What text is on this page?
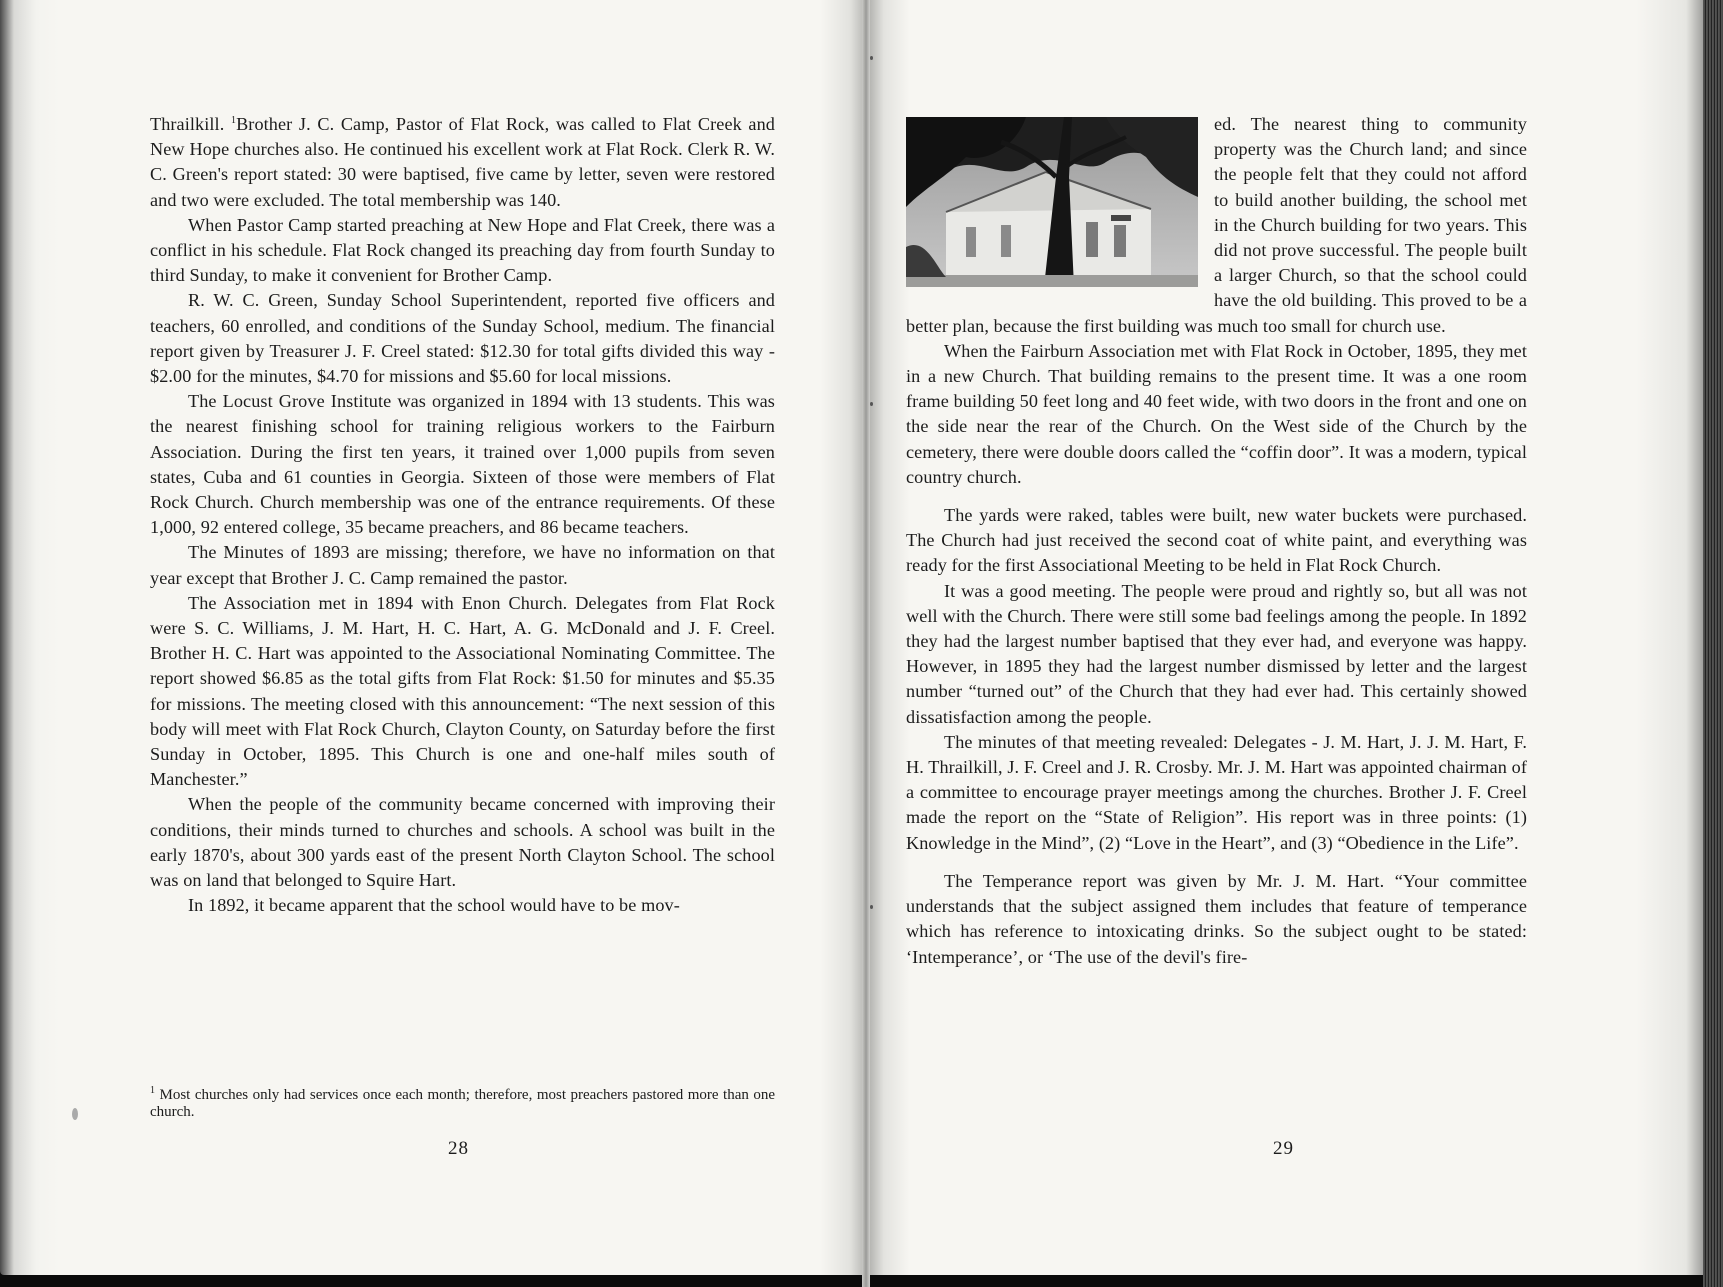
Thrailkill. $^1$Brother J. C. Camp, Pastor of Flat Rock, was called to Flat Creek and New Hope churches also. He continued his excellent work at Flat Rock. Clerk R. W. C. Green's report stated: 30 were baptised, five came by letter, seven were restored and two were excluded. The total membership was 140.

When Pastor Camp started preaching at New Hope and Flat Creek, there was a conflict in his schedule. Flat Rock changed its preaching day from fourth Sunday to third Sunday, to make it convenient for Brother Camp.

R. W. C. Green, Sunday School Superintendent, reported five officers and teachers, 60 enrolled, and conditions of the Sunday School, medium. The financial report given by Treasurer J. F. Creel stated: $12.30 for total gifts divided this way - $2.00 for the minutes, $4.70 for missions and $5.60 for local missions.

The Locust Grove Institute was organized in 1894 with 13 students. This was the nearest finishing school for training religious workers to the Fairburn Association. During the first ten years, it trained over 1,000 pupils from seven states, Cuba and 61 counties in Georgia. Sixteen of those were members of Flat Rock Church. Church membership was one of the entrance requirements. Of these 1,000, 92 entered college, 35 became preachers, and 86 became teachers.

The Minutes of 1893 are missing; therefore, we have no information on that year except that Brother J. C. Camp remained the pastor.

The Association met in 1894 with Enon Church. Delegates from Flat Rock were S. C. Williams, J. M. Hart, H. C. Hart, A. G. McDonald and J. F. Creel. Brother H. C. Hart was appointed to the Associational Nominating Committee. The report showed $6.85 as the total gifts from Flat Rock: $1.50 for minutes and $5.35 for missions. The meeting closed with this announcement: “The next session of this body will meet with Flat Rock Church, Clayton County, on Saturday before the first Sunday in October, 1895. This Church is one and one-half miles south of Manchester.”

When the people of the community became concerned with improving their conditions, their minds turned to churches and schools. A school was built in the early 1870's, about 300 yards east of the present North Clayton School. The school was on land that belonged to Squire Hart.

In 1892, it became apparent that the school would have to be mov-

$^1$ Most churches only had services once each month; therefore, most preachers pastored more than one church.
28

ed. The nearest thing to community property was the Church land; and since the people felt that they could not afford to build another building, the school met in the Church building for two years. This did not prove successful. The people built a larger Church, so that the school could have the old building. This proved to be a better plan, because the first building was much too small for church use.

When the Fairburn Association met with Flat Rock in October, 1895, they met in a new Church. That building remains to the present time. It was a one room frame building 50 feet long and 40 feet wide, with two doors in the front and one on the side near the rear of the Church. On the West side of the Church by the cemetery, there were double doors called the “coffin door”. It was a modern, typical country church.

The yards were raked, tables were built, new water buckets were purchased. The Church had just received the second coat of white paint, and everything was ready for the first Associational Meeting to be held in Flat Rock Church.

It was a good meeting. The people were proud and rightly so, but all was not well with the Church. There were still some bad feelings among the people. In 1892 they had the largest number baptised that they ever had, and everyone was happy. However, in 1895 they had the largest number dismissed by letter and the largest number “turned out” of the Church that they had ever had. This certainly showed dissatisfaction among the people.

The minutes of that meeting revealed: Delegates - J. M. Hart, J. J. M. Hart, F. H. Thrailkill, J. F. Creel and J. R. Crosby. Mr. J. M. Hart was appointed chairman of a committee to encourage prayer meetings among the churches. Brother J. F. Creel made the report on the “State of Religion”. His report was in three points: (1) Knowledge in the Mind”, (2) “Love in the Heart”, and (3) “Obedience in the Life”.

The Temperance report was given by Mr. J. M. Hart. “Your committee understands that the subject assigned them includes that feature of temperance which has reference to intoxicating drinks. So the subject ought to be stated: ‘Intemperance’, or ‘The use of the devil's fire-

29
